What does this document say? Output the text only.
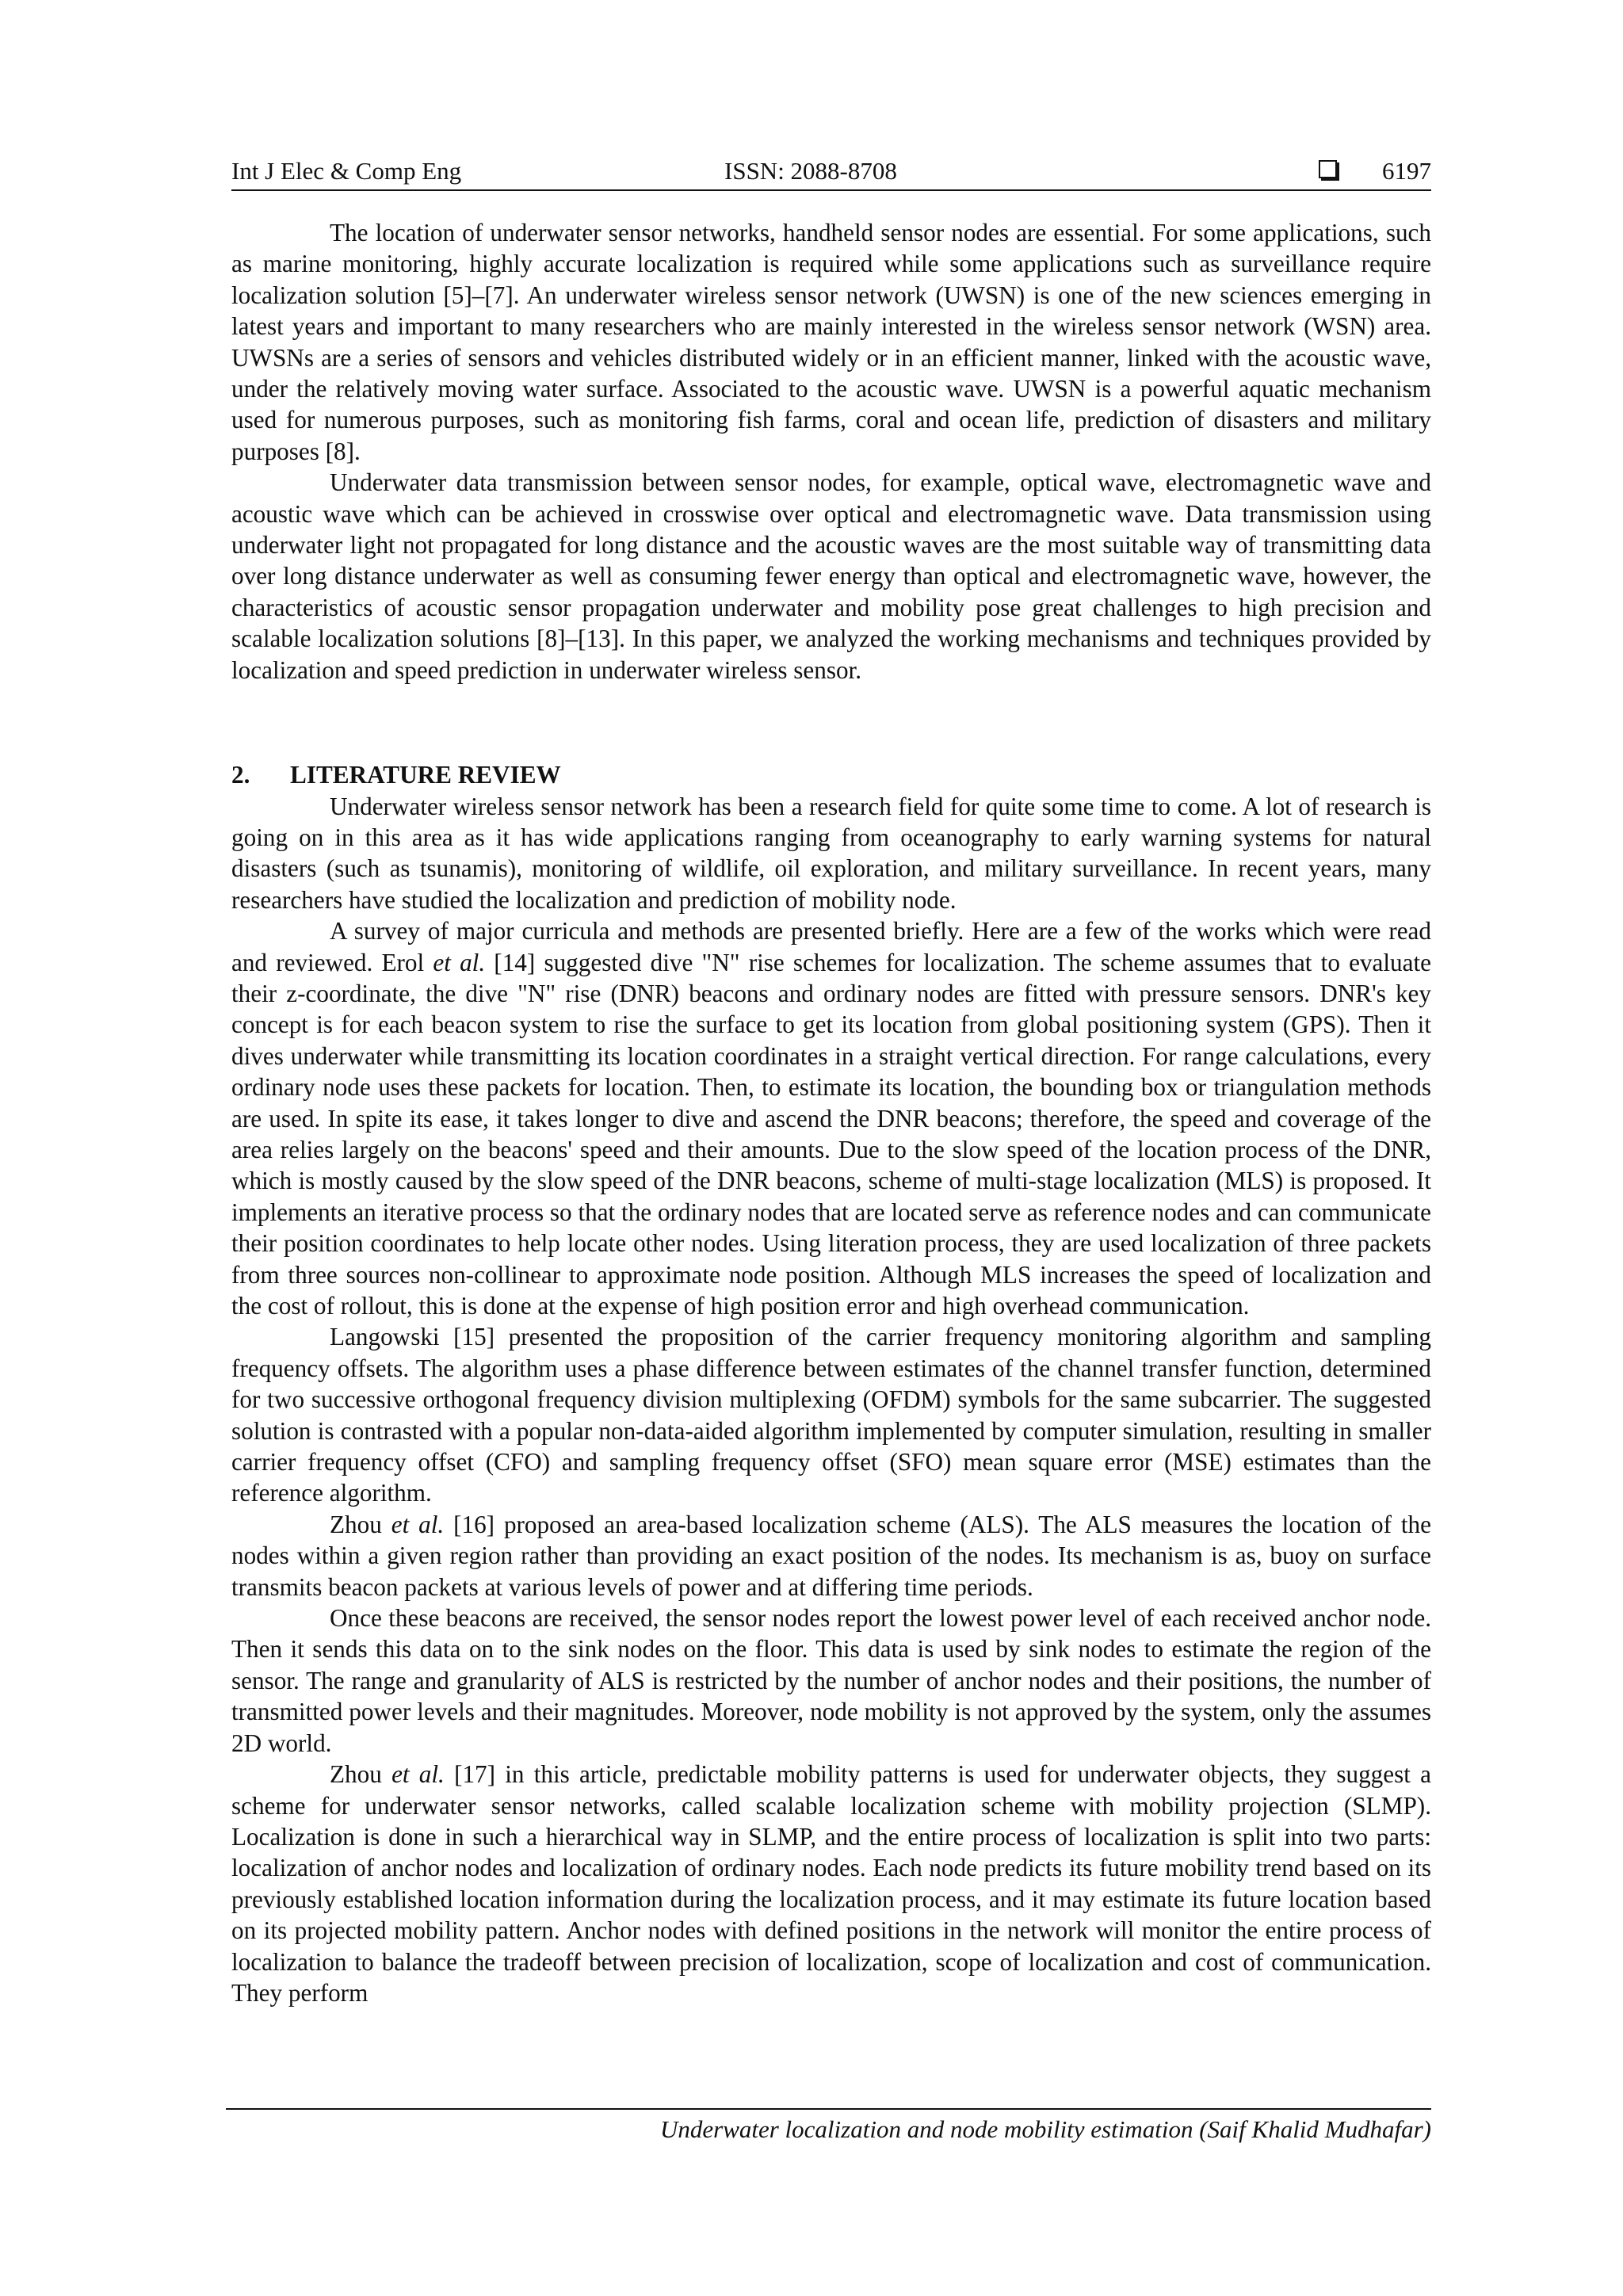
Int J Elec & Comp Eng	ISSN: 2088-8708	6197

The location of underwater sensor networks, handheld sensor nodes are essential. For some applications, such as marine monitoring, highly accurate localization is required while some applications such as surveillance require localization solution [5]–[7]. An underwater wireless sensor network (UWSN) is one of the new sciences emerging in latest years and important to many researchers who are mainly interested in the wireless sensor network (WSN) area. UWSNs are a series of sensors and vehicles distributed widely or in an efficient manner, linked with the acoustic wave, under the relatively moving water surface. Associated to the acoustic wave. UWSN is a powerful aquatic mechanism used for numerous purposes, such as monitoring fish farms, coral and ocean life, prediction of disasters and military purposes [8].

Underwater data transmission between sensor nodes, for example, optical wave, electromagnetic wave and acoustic wave which can be achieved in crosswise over optical and electromagnetic wave. Data transmission using underwater light not propagated for long distance and the acoustic waves are the most suitable way of transmitting data over long distance underwater as well as consuming fewer energy than optical and electromagnetic wave, however, the characteristics of acoustic sensor propagation underwater and mobility pose great challenges to high precision and scalable localization solutions [8]–[13]. In this paper, we analyzed the working mechanisms and techniques provided by localization and speed prediction in underwater wireless sensor.

2. LITERATURE REVIEW

Underwater wireless sensor network has been a research field for quite some time to come. A lot of research is going on in this area as it has wide applications ranging from oceanography to early warning systems for natural disasters (such as tsunamis), monitoring of wildlife, oil exploration, and military surveillance. In recent years, many researchers have studied the localization and prediction of mobility node.

A survey of major curricula and methods are presented briefly. Here are a few of the works which were read and reviewed. Erol et al. [14] suggested dive "N" rise schemes for localization. The scheme assumes that to evaluate their z-coordinate, the dive "N" rise (DNR) beacons and ordinary nodes are fitted with pressure sensors. DNR's key concept is for each beacon system to rise the surface to get its location from global positioning system (GPS). Then it dives underwater while transmitting its location coordinates in a straight vertical direction. For range calculations, every ordinary node uses these packets for location. Then, to estimate its location, the bounding box or triangulation methods are used. In spite its ease, it takes longer to dive and ascend the DNR beacons; therefore, the speed and coverage of the area relies largely on the beacons' speed and their amounts. Due to the slow speed of the location process of the DNR, which is mostly caused by the slow speed of the DNR beacons, scheme of multi-stage localization (MLS) is proposed. It implements an iterative process so that the ordinary nodes that are located serve as reference nodes and can communicate their position coordinates to help locate other nodes. Using literation process, they are used localization of three packets from three sources non-collinear to approximate node position. Although MLS increases the speed of localization and the cost of rollout, this is done at the expense of high position error and high overhead communication.

Langowski [15] presented the proposition of the carrier frequency monitoring algorithm and sampling frequency offsets. The algorithm uses a phase difference between estimates of the channel transfer function, determined for two successive orthogonal frequency division multiplexing (OFDM) symbols for the same subcarrier. The suggested solution is contrasted with a popular non-data-aided algorithm implemented by computer simulation, resulting in smaller carrier frequency offset (CFO) and sampling frequency offset (SFO) mean square error (MSE) estimates than the reference algorithm.

Zhou et al. [16] proposed an area-based localization scheme (ALS). The ALS measures the location of the nodes within a given region rather than providing an exact position of the nodes. Its mechanism is as, buoy on surface transmits beacon packets at various levels of power and at differing time periods.

Once these beacons are received, the sensor nodes report the lowest power level of each received anchor node. Then it sends this data on to the sink nodes on the floor. This data is used by sink nodes to estimate the region of the sensor. The range and granularity of ALS is restricted by the number of anchor nodes and their positions, the number of transmitted power levels and their magnitudes. Moreover, node mobility is not approved by the system, only the assumes 2D world.

Zhou et al. [17] in this article, predictable mobility patterns is used for underwater objects, they suggest a scheme for underwater sensor networks, called scalable localization scheme with mobility projection (SLMP). Localization is done in such a hierarchical way in SLMP, and the entire process of localization is split into two parts: localization of anchor nodes and localization of ordinary nodes. Each node predicts its future mobility trend based on its previously established location information during the localization process, and it may estimate its future location based on its projected mobility pattern. Anchor nodes with defined positions in the network will monitor the entire process of localization to balance the tradeoff between precision of localization, scope of localization and cost of communication. They perform

Underwater localization and node mobility estimation (Saif Khalid Mudhafar)
